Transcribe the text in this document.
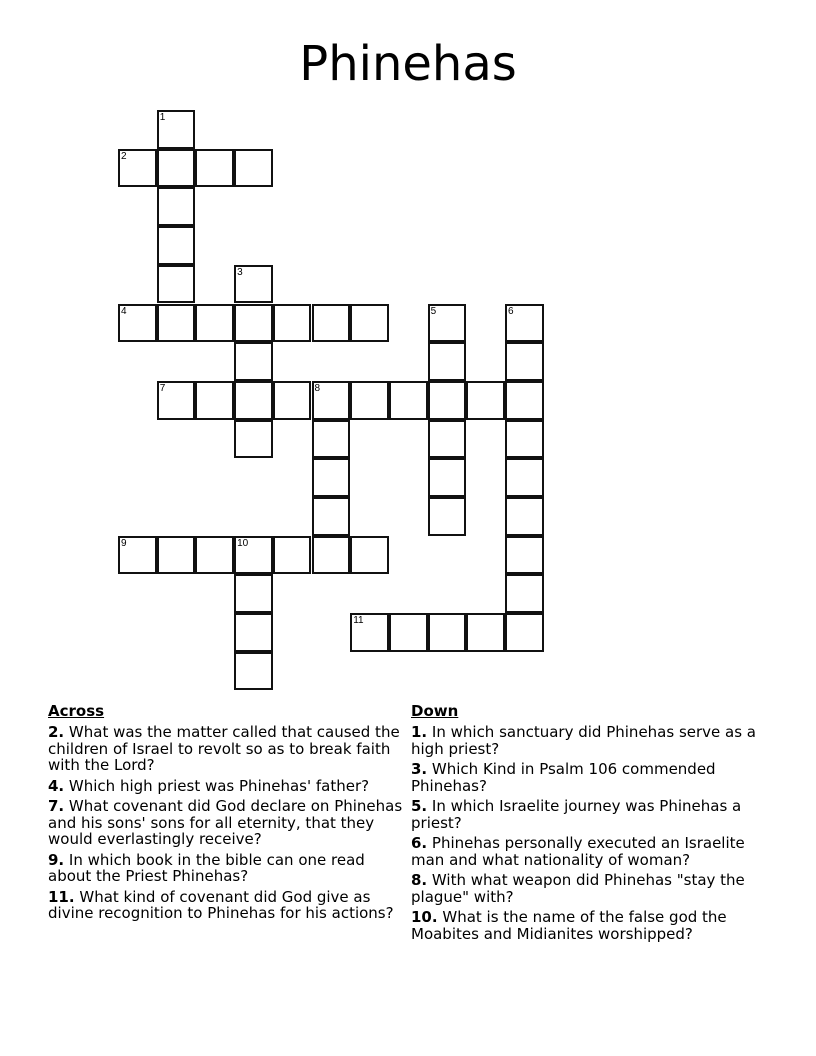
Phinehas
1
2
3
4	5	6
7	8
9	10
11
Across
2. What was the matter called that caused the children of Israel to revolt so as to break faith with the Lord?
4. Which high priest was Phinehas' father?
7. What covenant did God declare on Phinehas and his sons' sons for all eternity, that they would everlastingly receive?
9. In which book in the bible can one read about the Priest Phinehas?
11. What kind of covenant did God give as divine recognition to Phinehas for his actions?
Down
1. In which sanctuary did Phinehas serve as a high priest?
3. Which Kind in Psalm 106 commended Phinehas?
5. In which Israelite journey was Phinehas a priest?
6. Phinehas personally executed an Israelite man and what nationality of woman?
8. With what weapon did Phinehas "stay the plague" with?
10. What is the name of the false god the Moabites and Midianites worshipped?
